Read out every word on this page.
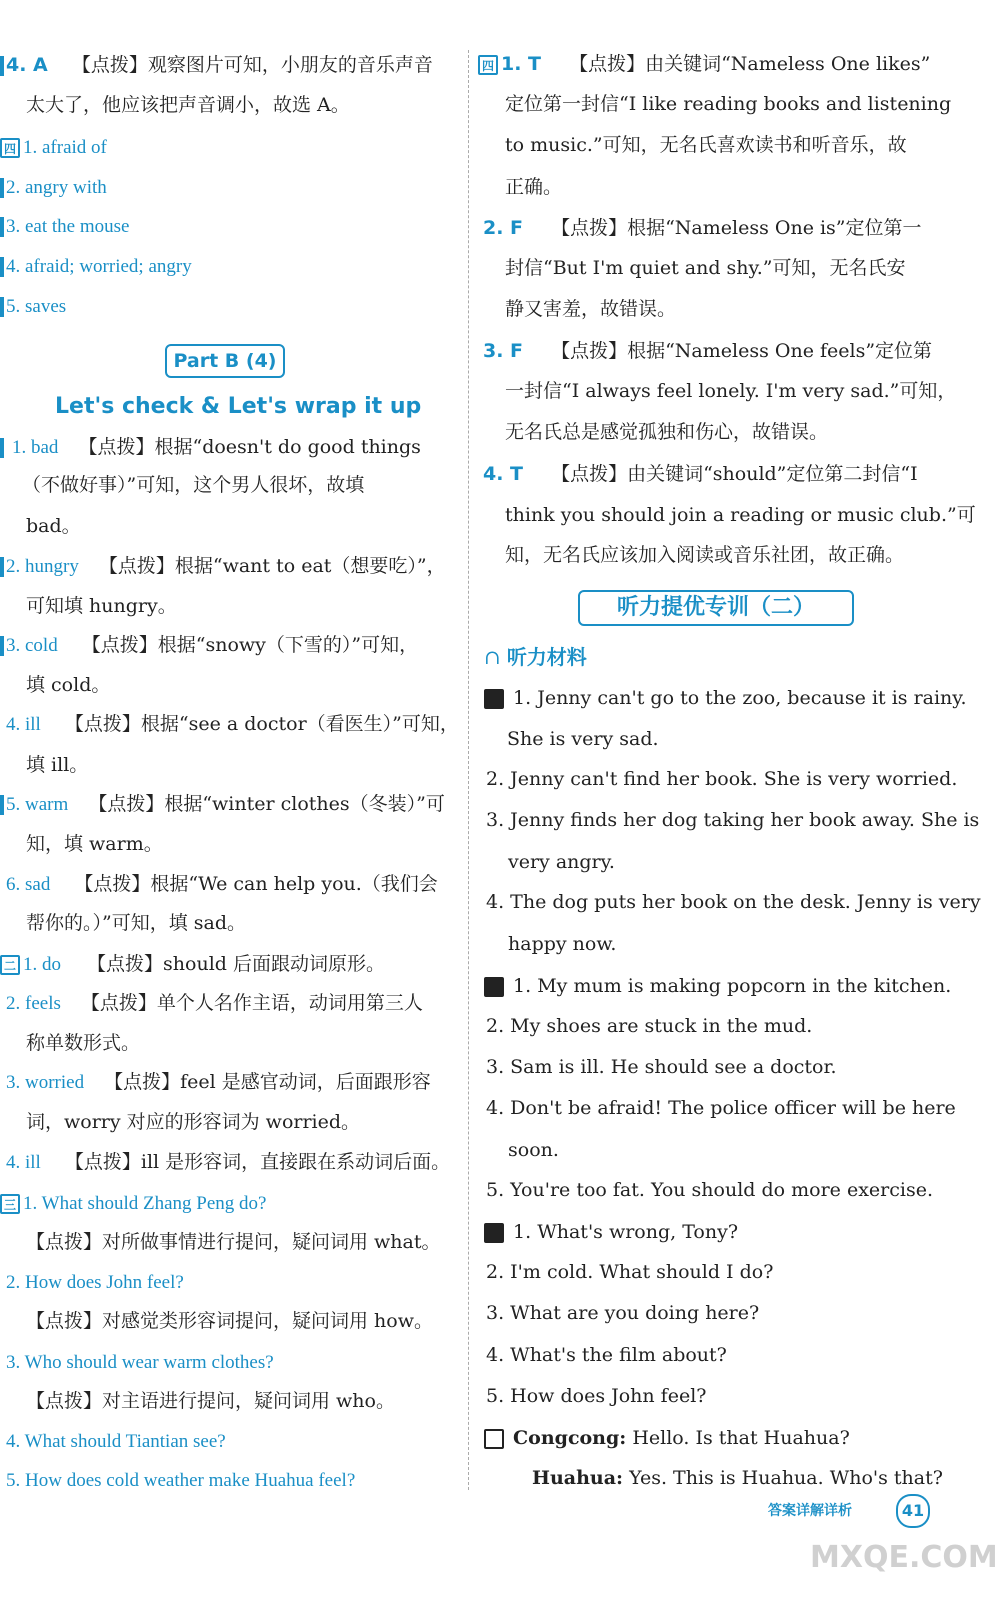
4. A 【点拨】观察图片可知，小朋友的音乐声音
太大了，他应该把声音调小，故选 A。
四 1. afraid of
2. angry with
3. eat the mouse
4. afraid; worried; angry
5. saves
Part B (4)
Let's check & Let's wrap it up
1. bad 【点拨】根据“doesn't do good things
（不做好事）”可知，这个男人很坏，故填
bad。
2. hungry 【点拨】根据“want to eat（想要吃）”，
可知填 hungry。
3. cold 【点拨】根据“snowy（下雪的）”可知，
填 cold。
4. ill 【点拨】根据“see a doctor（看医生）”可知，
填 ill。
5. warm 【点拨】根据“winter clothes（冬装）”可
知，填 warm。
6. sad 【点拨】根据“We can help you.（我们会
帮你的。）”可知，填 sad。
二 1. do 【点拨】should 后面跟动词原形。
2. feels 【点拨】单个人名作主语，动词用第三人
称单数形式。
3. worried 【点拨】feel 是感官动词，后面跟形容
词，worry 对应的形容词为 worried。
4. ill 【点拨】ill 是形容词，直接跟在系动词后面。
三 1. What should Zhang Peng do?
【点拨】对所做事情进行提问，疑问词用 what。
2. How does John feel?
【点拨】对感觉类形容词提问，疑问词用 how。
3. Who should wear warm clothes?
【点拨】对主语进行提问，疑问词用 who。
4. What should Tiantian see?
5. How does cold weather make Huahua feel?
四 1. T 【点拨】由关键词“Nameless One likes”
定位第一封信“I like reading books and listening
to music.”可知，无名氏喜欢读书和听音乐，故
正确。
2. F 【点拨】根据“Nameless One is”定位第一
封信“But I'm quiet and shy.”可知，无名氏安
静又害羞，故错误。
3. F 【点拨】根据“Nameless One feels”定位第
一封信“I always feel lonely. I'm very sad.”可知，
无名氏总是感觉孤独和伤心，故错误。
4. T 【点拨】由关键词“should”定位第二封信“I
think you should join a reading or music club.”可
知，无名氏应该加入阅读或音乐社团，故正确。
听力提优专训（二）
∩ 听力材料
1. Jenny can't go to the zoo, because it is rainy.
She is very sad.
2. Jenny can't find her book. She is very worried.
3. Jenny finds her dog taking her book away. She is
very angry.
4. The dog puts her book on the desk. Jenny is very
happy now.
1. My mum is making popcorn in the kitchen.
2. My shoes are stuck in the mud.
3. Sam is ill. He should see a doctor.
4. Don't be afraid! The police officer will be here
soon.
5. You're too fat. You should do more exercise.
1. What's wrong, Tony?
2. I'm cold. What should I do?
3. What are you doing here?
4. What's the film about?
5. How does John feel?
Congcong: Hello. Is that Huahua?
Huahua: Yes. This is Huahua. Who's that?
答案详解详析	41
MXQE.COM
